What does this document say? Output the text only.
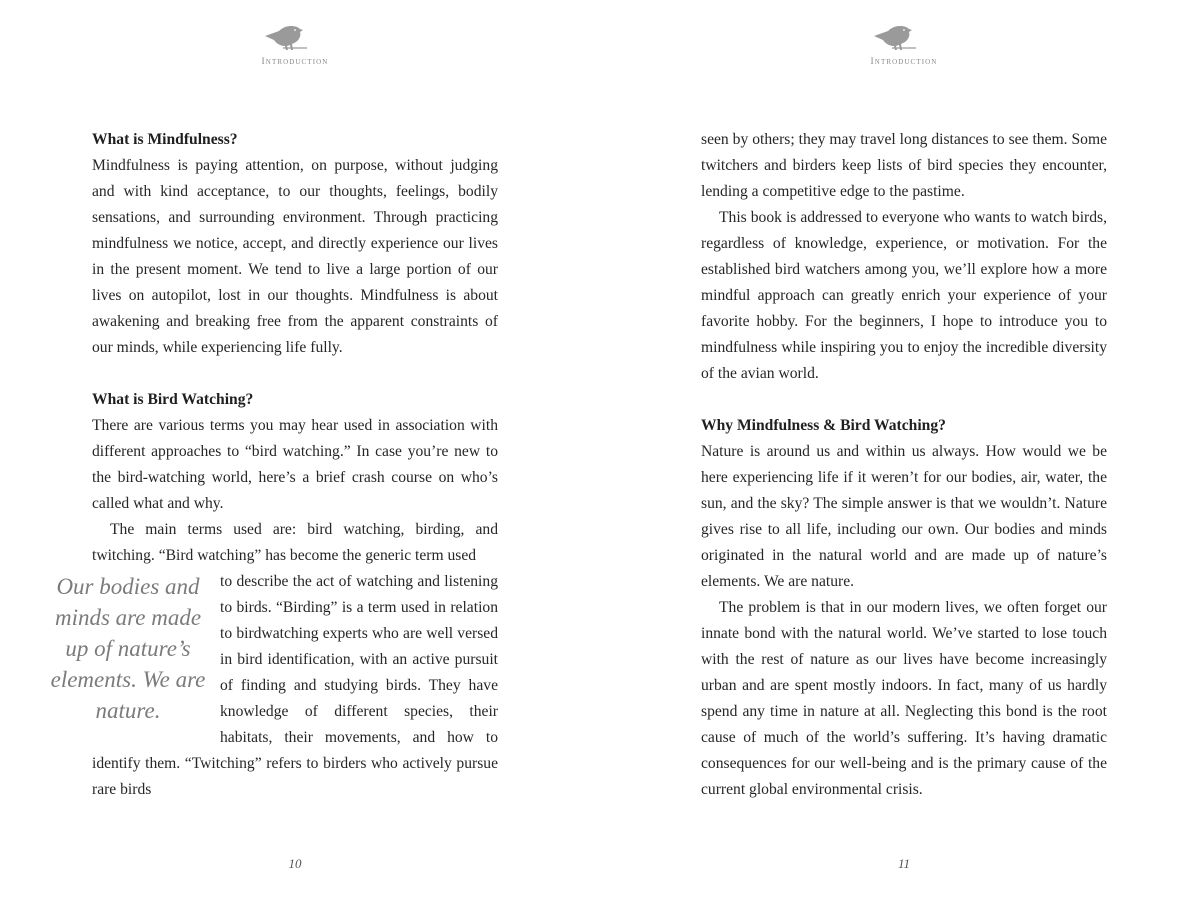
Introduction
What is Mindfulness?

Mindfulness is paying attention, on purpose, without judging and with kind acceptance, to our thoughts, feelings, bodily sensations, and surrounding environment. Through practicing mindfulness we notice, accept, and directly experience our lives in the present moment. We tend to live a large portion of our lives on autopilot, lost in our thoughts. Mindfulness is about awakening and breaking free from the apparent constraints of our minds, while experiencing life fully.

What is Bird Watching?

There are various terms you may hear used in association with different approaches to “bird watching.” In case you’re new to the bird-watching world, here’s a brief crash course on who’s called what and why.

The main terms used are: bird watching, birding, and twitching. “Bird watching” has become the generic term used

Our bodies and minds are made up of nature’s elements. We are nature.

to describe the act of watching and listening to birds. “Birding” is a term used in relation to birdwatching experts who are well versed in bird identification, with an active pursuit of finding and studying birds. They have knowledge of different species, their habitats, their movements, and how to identify them. “Twitching” refers to birders who actively pursue rare birds

10
Introduction

seen by others; they may travel long distances to see them. Some twitchers and birders keep lists of bird species they encounter, lending a competitive edge to the pastime.

This book is addressed to everyone who wants to watch birds, regardless of knowledge, experience, or motivation. For the established bird watchers among you, we’ll explore how a more mindful approach can greatly enrich your experience of your favorite hobby. For the beginners, I hope to introduce you to mindfulness while inspiring you to enjoy the incredible diversity of the avian world.

Why Mindfulness & Bird Watching?

Nature is around us and within us always. How would we be here experiencing life if it weren’t for our bodies, air, water, the sun, and the sky? The simple answer is that we wouldn’t. Nature gives rise to all life, including our own. Our bodies and minds originated in the natural world and are made up of nature’s elements. We are nature.

The problem is that in our modern lives, we often forget our innate bond with the natural world. We’ve started to lose touch with the rest of nature as our lives have become increasingly urban and are spent mostly indoors. In fact, many of us hardly spend any time in nature at all. Neglecting this bond is the root cause of much of the world’s suffering. It’s having dramatic consequences for our well-being and is the primary cause of the current global environmental crisis.

11
